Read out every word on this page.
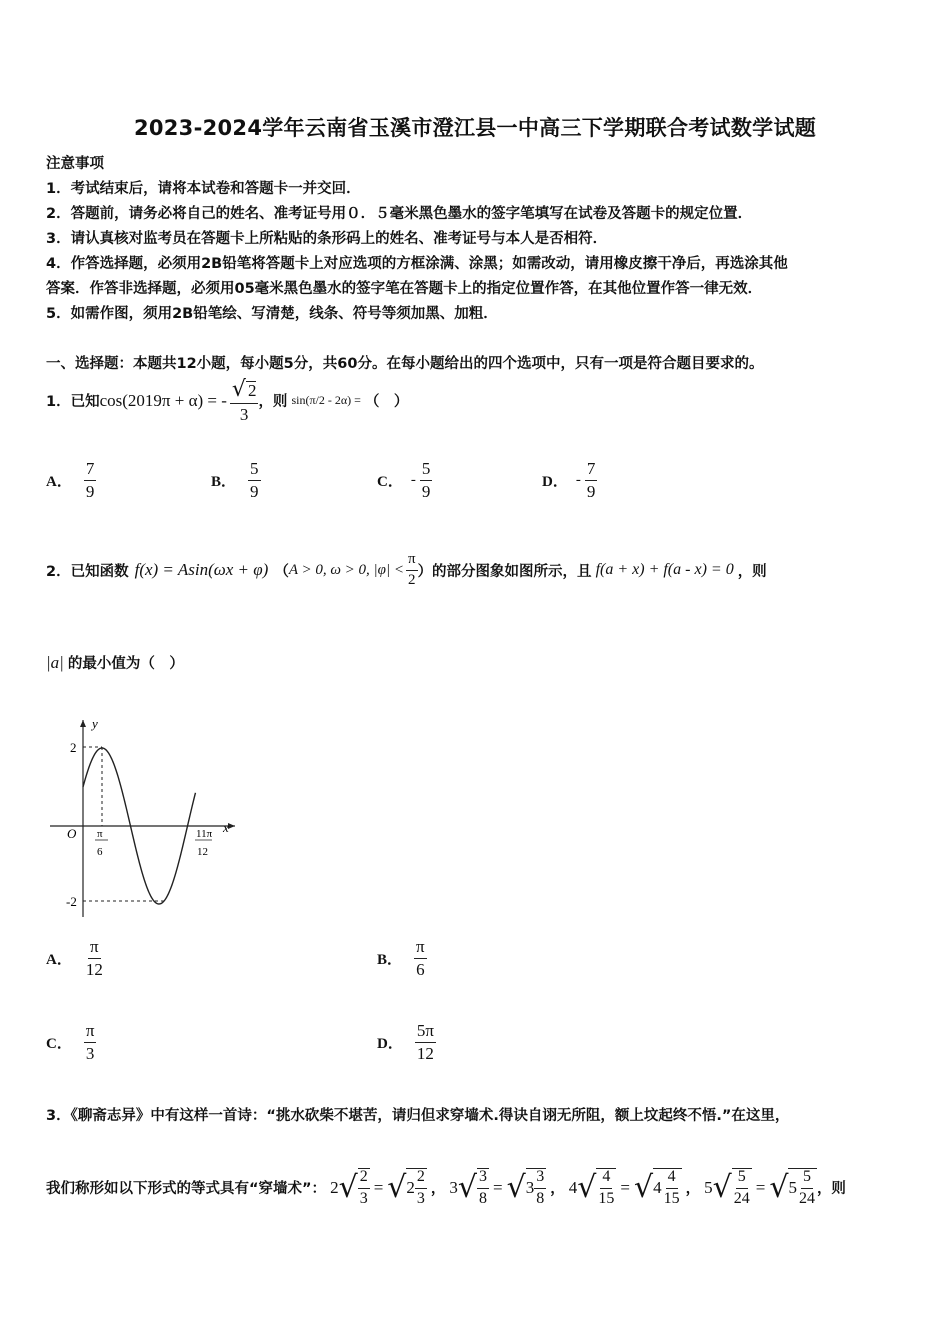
2023-2024学年云南省玉溪市澄江县一中高三下学期联合考试数学试题
注意事项
1．考试结束后，请将本试卷和答题卡一并交回．
2．答题前，请务必将自己的姓名、准考证号用０．５毫米黑色墨水的签字笔填写在试卷及答题卡的规定位置．
3．请认真核对监考员在答题卡上所粘贴的条形码上的姓名、准考证号与本人是否相符．
4．作答选择题，必须用2B铅笔将答题卡上对应选项的方框涂满、涂黑；如需改动，请用橡皮擦干净后，再选涂其他
答案．作答非选择题，必须用05毫米黑色墨水的签字笔在答题卡上的指定位置作答，在其他位置作答一律无效．
5．如需作图，须用2B铅笔绘、写清楚，线条、符号等须加黑、加粗．
一、选择题：本题共12小题，每小题5分，共60分。在每小题给出的四个选项中，只有一项是符合题目要求的。
1．已知 cos(2019π + α) = - $\frac{√ 2}{3}$ ，则 sin(π/2 - 2α) = （　）
A． $\frac{7}{9}$	B． $\frac{5}{9}$	C． - $\frac{5}{9}$	D． - $\frac{7}{9}$
2．已知函数 f(x) = Asin(ωx + φ) （ A > 0, ω > 0, $|\varphi| < \frac{\pi}{2}$ ）的部分图象如图所示，且 f(a + x) + f(a - x) = 0 ，则
|a| 的最小值为（　）
y
x
O
2
-2
π
6
11π
12
A． $\frac{\pi}{12}$	B． $\frac{\pi}{6}$
C． $\frac{\pi}{3}$	D． $\frac{5\pi}{12}$
3．《聊斋志异》中有这样一首诗：“挑水砍柴不堪苦，请归但求穿墙术.得诀自诩无所阻，额上坟起终不悟.”在这里，
我们称形如以下形式的等式具有“穿墙术”： 2 √ $\frac{2}{3}$ = √ $2 \frac{2}{3}$ ， 3 √ $\frac{3}{8}$ = √ $3 \frac{3}{8}$ ， 4 √ $\frac{4}{15}$ = √ $4 \frac{4}{15}$ ， 5 √ $\frac{5}{24}$ = √ $5 \frac{5}{24}$ ，则
